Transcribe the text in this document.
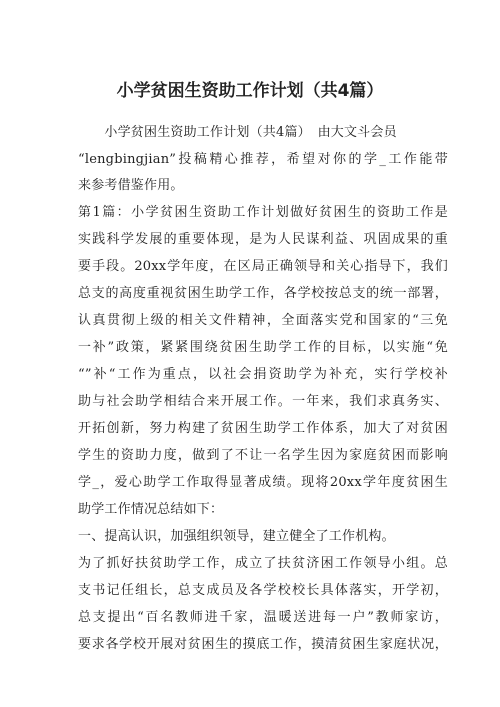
小学贫困生资助工作计划（共4篇）
　　小学贫困生资助工作计划（共4篇）　由大文斗会员
“lengbingjian”投稿精心推荐，希望对你的学_工作能带
来参考借鉴作用。
第1篇：小学贫困生资助工作计划做好贫困生的资助工作是
实践科学发展的重要体现，是为人民谋利益、巩固成果的重
要手段。20xx学年度，在区局正确领导和关心指导下，我们
总支的高度重视贫困生助学工作，各学校按总支的统一部署，
认真贯彻上级的相关文件精神，全面落实党和国家的“三免
一补”政策，紧紧围绕贫困生助学工作的目标，以实施“免
“”补“工作为重点，以社会捐资助学为补充，实行学校补
助与社会助学相结合来开展工作。一年来，我们求真务实、
开拓创新，努力构建了贫困生助学工作体系，加大了对贫困
学生的资助力度，做到了不让一名学生因为家庭贫困而影响
学_，爱心助学工作取得显著成绩。现将20xx学年度贫困生
助学工作情况总结如下：
一、提高认识，加强组织领导，建立健全了工作机构。
为了抓好扶贫助学工作，成立了扶贫济困工作领导小组。总
支书记任组长，总支成员及各学校校长具体落实，开学初，
总支提出“百名教师进千家，温暖送进每一户”教师家访，
要求各学校开展对贫困生的摸底工作，摸清贫困生家庭状况，
